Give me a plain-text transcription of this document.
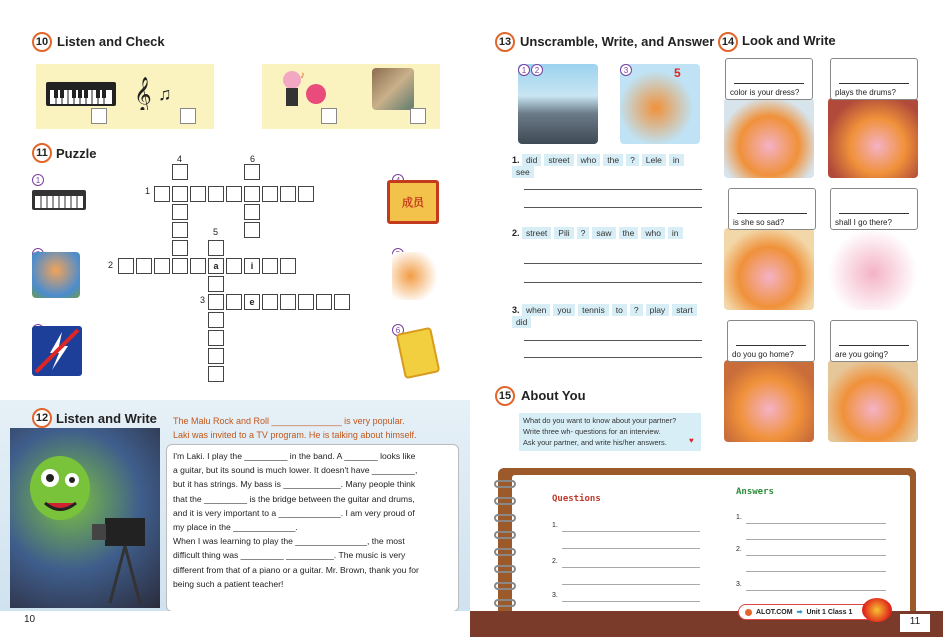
10 Listen and Check
𝄞 ♫
♪
11 Puzzle
1
a	i
e
4	6
1
5
2
3
成员
6
12 Listen and Write The Malu Rock and Roll ______________ is very popular.
Laki was invited to a TV program. He is talking about himself.

I'm Laki. I play the _________ in the band. A _______ looks like

a guitar, but its sound is much lower. It doesn't have _________,

but it has strings. My bass is ____________. Many people think

that the _________ is the bridge between the guitar and drums,

and it is very important to a _____________. I am very proud of

my place in the _____________.

When I was learning to play the _______________, the most

difficult thing was _________ __________. The music is very

different from that of a piano or a guitar. Mr. Brown, thank you for

being such a patient teacher!

13 Unscramble, Write, and Answer
1	2	3	5
1. did street who the ? Lele insee
2. street Pili ? saw the who in
3. when you tennis to ? play startdid
14 Look and Write
color is your dress?	plays the drums?
is she so sad?	shall I go there?
do you go home?	are you going?
15 About You
What do you want to know about your partner?
Write three wh- questions for an interview.
Ask your partner, and write his/her answers.	♥
Questions
Answers
1.
2.
3.
1.
2.
3.
10
ALOT.COM ➡ Unit 1 Class 1
11
